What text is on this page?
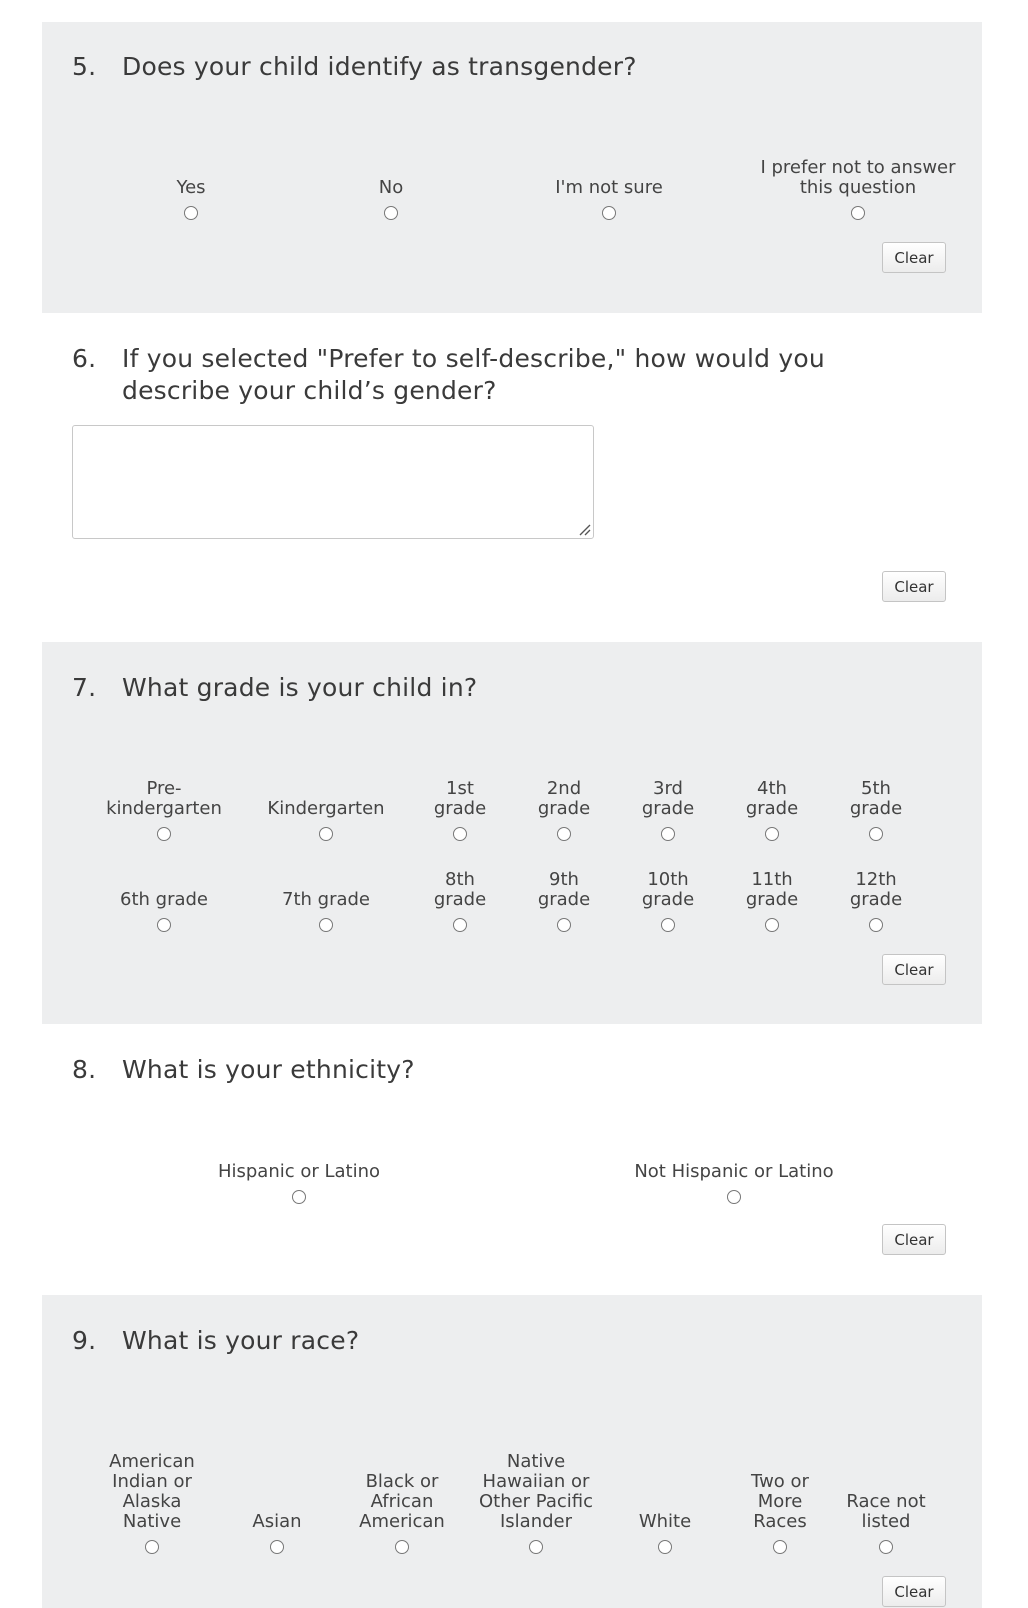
5.	Does your child identify as transgender?
Yes	No	I'm not sure
I prefer not to answer this question
Clear
6.	If you selected "Prefer to self-describe," how would you describe your child’s gender?
Clear
7.	What grade is your child in?
Pre-kindergarten	Kindergarten
1st grade
2nd grade
3rd grade
4th grade
5th grade
6th grade	7th grade
8th grade
9th grade
10th grade
11th grade
12th grade
Clear
8.	What is your ethnicity?
Hispanic or Latino	Not Hispanic or Latino
Clear
9.	What is your race?
American Indian or Alaska Native	Asian
Black or African American
Native Hawaiian or Other Pacific Islander	White
Two or More Races
Race not listed
Clear
